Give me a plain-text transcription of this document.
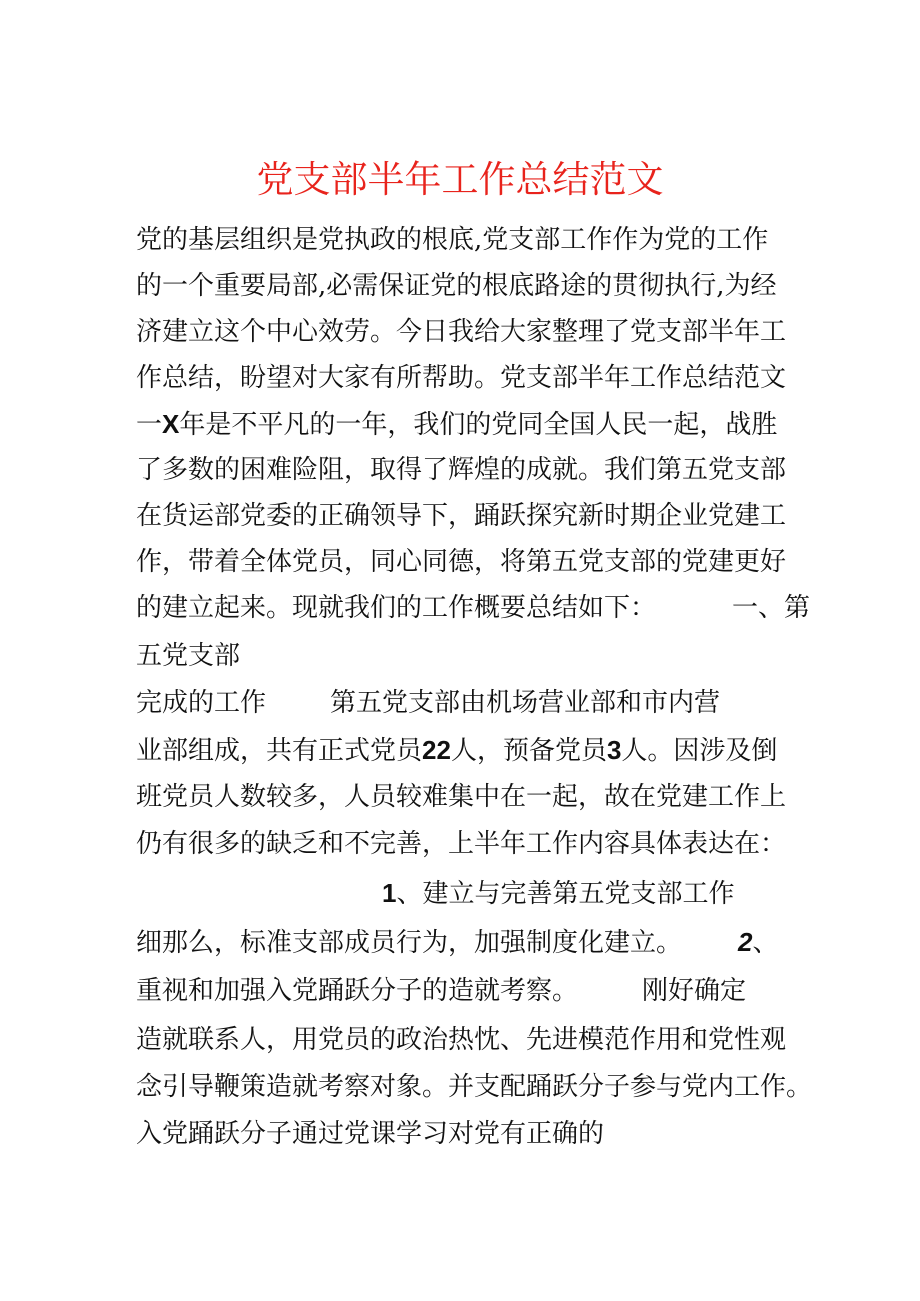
党支部半年工作总结范文
党的基层组织是党执政的根底,党支部工作作为党的工作
的一个重要局部,必需保证党的根底路途的贯彻执行,为经
济建立这个中心效劳。今日我给大家整理了党支部半年工
作总结，盼望对大家有所帮助。党支部半年工作总结范文
一X年是不平凡的一年，我们的党同全国人民一起，战胜
了多数的困难险阻，取得了辉煌的成就。我们第五党支部
在货运部党委的正确领导下，踊跃探究新时期企业党建工
作，带着全体党员，同心同德，将第五党支部的党建更好
的建立起来。现就我们的工作概要总结如下：	一、第
五党支部
完成的工作 第五党支部由机场营业部和市内营
业部组成，共有正式党员22人，预备党员3人。因涉及倒
班党员人数较多，人员较难集中在一起，故在党建工作上
仍有很多的缺乏和不完善，上半年工作内容具体表达在：
1、建立与完善第五党支部工作
细那么，标准支部成员行为，加强制度化建立。 2、
重视和加强入党踊跃分子的造就考察。 刚好确定
造就联系人，用党员的政治热忱、先进模范作用和党性观
念引导鞭策造就考察对象。并支配踊跃分子参与党内工作。
入党踊跃分子通过党课学习对党有正确的
